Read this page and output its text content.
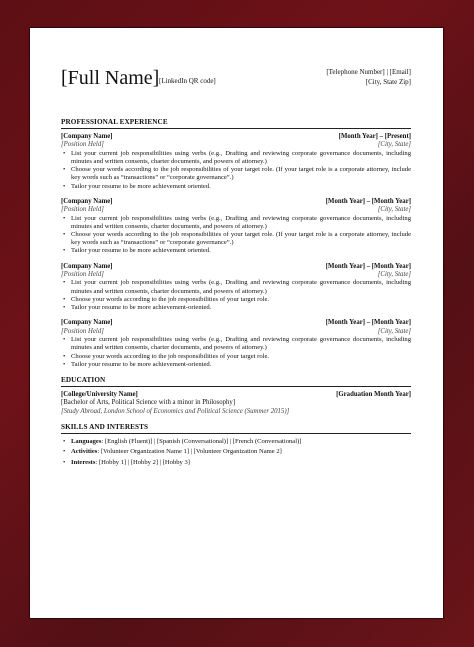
[Full Name] [LinkedIn QR code]
[Telephone Number] | [Email]
[City, State Zip]
PROFESSIONAL EXPERIENCE
[Company Name]	[Month Year] – [Present]
[Position Held]	[City, State]
• List your current job responsibilities using verbs (e.g., Drafting and reviewing corporate governance documents, including minutes and written consents, charter documents, and powers of attorney.)
• Choose your words according to the job responsibilities of your target role. (If your target role is a corporate attorney, include key words such as “transactions” or “corporate governance”.)
• Tailor your resume to be more achievement oriented.
[Company Name]	[Month Year] – [Month Year]
[Position Held]	[City, State]
• List your current job responsibilities using verbs (e.g., Drafting and reviewing corporate governance documents, including minutes and written consents, charter documents, and powers of attorney.)
• Choose your words according to the job responsibilities of your target role. (If your target role is a corporate attorney, include key words such as “transactions” or “corporate governance”.)
• Tailor your resume to be more achievement oriented.
[Company Name]	[Month Year] – [Month Year]
[Position Held]	[City, State]
• List your current job responsibilities using verbs (e.g., Drafting and reviewing corporate governance documents, including minutes and written consents, charter documents, and powers of attorney.)
• Choose your words according to the job responsibilities of your target role.
• Tailor your resume to be more achievement-oriented.
[Company Name]	[Month Year] – [Month Year]
[Position Held]	[City, State]
• List your current job responsibilities using verbs (e.g., Drafting and reviewing corporate governance documents, including minutes and written consents, charter documents, and powers of attorney.)
• Choose your words according to the job responsibilities of your target role.
• Tailor your resume to be more achievement-oriented.
EDUCATION
[College/University Name]	[Graduation Month Year]
[Bachelor of Arts, Political Science with a minor in Philosophy]
[Study Abroad, London School of Economics and Political Science (Summer 2015)]
SKILLS AND INTERESTS
• Languages: [English (Fluent)] | [Spanish (Conversational)] | [French (Conversational)]
• Activities: [Volunteer Organization Name 1] | [Volunteer Organization Name 2]
• Interests: [Hobby 1] | [Hobby 2] | [Hobby 3]
